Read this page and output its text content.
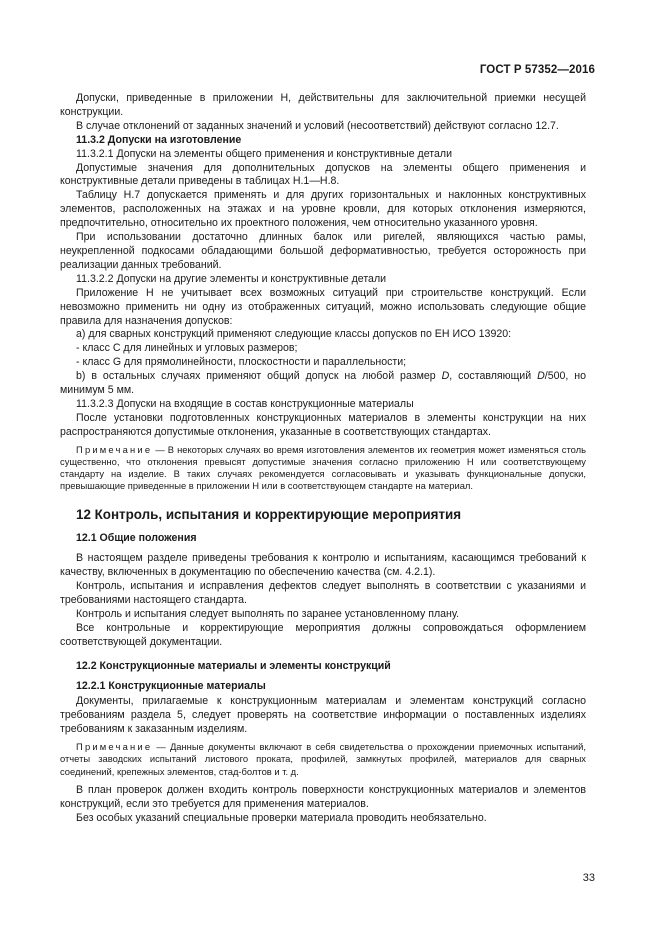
ГОСТ Р 57352—2016

Допуски, приведенные в приложении Н, действительны для заключительной приемки несущей конструкции.

В случае отклонений от заданных значений и условий (несоответствий) действуют согласно 12.7.

11.3.2 Допуски на изготовление

11.3.2.1 Допуски на элементы общего применения и конструктивные детали

Допустимые значения для дополнительных допусков на элементы общего применения и конструктивные детали приведены в таблицах Н.1—Н.8.

Таблицу Н.7 допускается применять и для других горизонтальных и наклонных конструктивных элементов, расположенных на этажах и на уровне кровли, для которых отклонения измеряются, предпочтительно, относительно их проектного положения, чем относительно указанного уровня.

При использовании достаточно длинных балок или ригелей, являющихся частью рамы, неукрепленной подкосами обладающими большой деформативностью, требуется осторожность при реализации данных требований.

11.3.2.2 Допуски на другие элементы и конструктивные детали

Приложение Н не учитывает всех возможных ситуаций при строительстве конструкций. Если невозможно применить ни одну из отображенных ситуаций, можно использовать следующие общие правила для назначения допусков:

а) для сварных конструкций применяют следующие классы допусков по ЕН ИСО 13920:

- класс С для линейных и угловых размеров;

- класс G для прямолинейности, плоскостности и параллельности;

b) в остальных случаях применяют общий допуск на любой размер D, составляющий D/500, но минимум 5 мм.

11.3.2.3 Допуски на входящие в состав конструкционные материалы

После установки подготовленных конструкционных материалов в элементы конструкции на них распространяются допустимые отклонения, указанные в соответствующих стандартах.

Примечание — В некоторых случаях во время изготовления элементов их геометрия может изменяться столь существенно, что отклонения превысят допустимые значения согласно приложению Н или соответствующему стандарту на изделие. В таких случаях рекомендуется согласовывать и указывать функциональные допуски, превышающие приведенные в приложении Н или в соответствующем стандарте на материал.

12 Контроль, испытания и корректирующие мероприятия

12.1 Общие положения

В настоящем разделе приведены требования к контролю и испытаниям, касающимся требований к качеству, включенных в документацию по обеспечению качества (см. 4.2.1).

Контроль, испытания и исправления дефектов следует выполнять в соответствии с указаниями и требованиями настоящего стандарта.

Контроль и испытания следует выполнять по заранее установленному плану.

Все контрольные и корректирующие мероприятия должны сопровождаться оформлением соответствующей документации.

12.2 Конструкционные материалы и элементы конструкций

12.2.1 Конструкционные материалы

Документы, прилагаемые к конструкционным материалам и элементам конструкций согласно требованиям раздела 5, следует проверять на соответствие информации о поставленных изделиях требованиям к заказанным изделиям.

Примечание — Данные документы включают в себя свидетельства о прохождении приемочных испытаний, отчеты заводских испытаний листового проката, профилей, замкнутых профилей, материалов для сварных соединений, крепежных элементов, стад-болтов и т. д.

В план проверок должен входить контроль поверхности конструкционных материалов и элементов конструкций, если это требуется для применения материалов.

Без особых указаний специальные проверки материала проводить необязательно.

33
